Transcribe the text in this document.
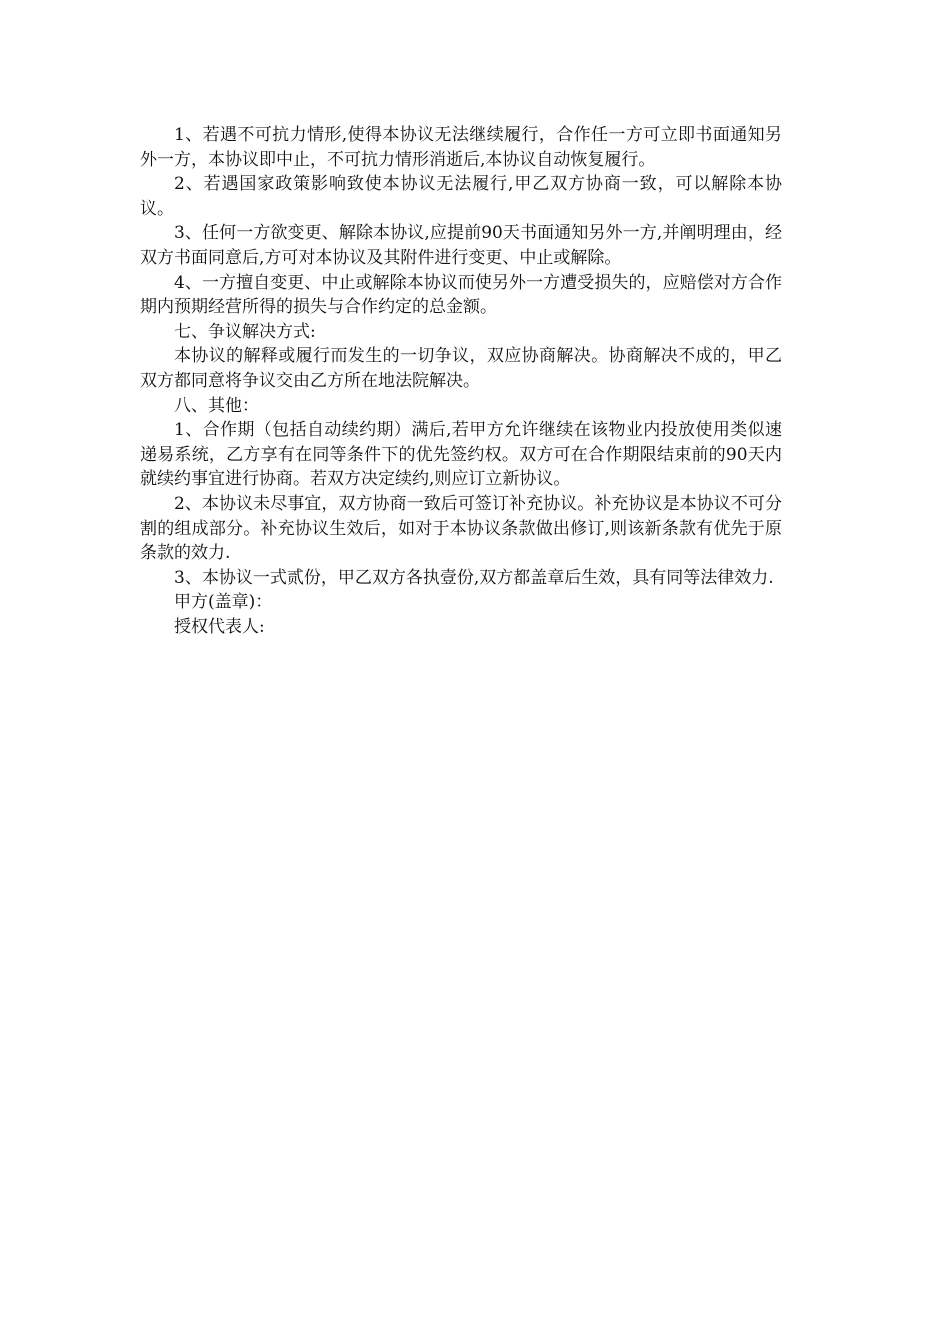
1、若遇不可抗力情形,使得本协议无法继续履行，合作任一方可立即书面通知另外一方，本协议即中止，不可抗力情形消逝后,本协议自动恢复履行。

2、若遇国家政策影响致使本协议无法履行,甲乙双方协商一致，可以解除本协议。

3、任何一方欲变更、解除本协议,应提前90天书面通知另外一方,并阐明理由，经双方书面同意后,方可对本协议及其附件进行变更、中止或解除。

4、一方擅自变更、中止或解除本协议而使另外一方遭受损失的，应赔偿对方合作期内预期经营所得的损失与合作约定的总金额。

七、争议解决方式:

本协议的解释或履行而发生的一切争议，双应协商解决。协商解决不成的，甲乙双方都同意将争议交由乙方所在地法院解决。

八、其他：

1、合作期（包括自动续约期）满后,若甲方允许继续在该物业内投放使用类似速递易系统，乙方享有在同等条件下的优先签约权。双方可在合作期限结束前的90天内就续约事宜进行协商。若双方决定续约,则应订立新协议。

2、本协议未尽事宜，双方协商一致后可签订补充协议。补充协议是本协议不可分割的组成部分。补充协议生效后，如对于本协议条款做出修订,则该新条款有优先于原条款的效力.

3、本协议一式贰份，甲乙双方各执壹份,双方都盖章后生效，具有同等法律效力.

甲方(盖章)：

授权代表人:
